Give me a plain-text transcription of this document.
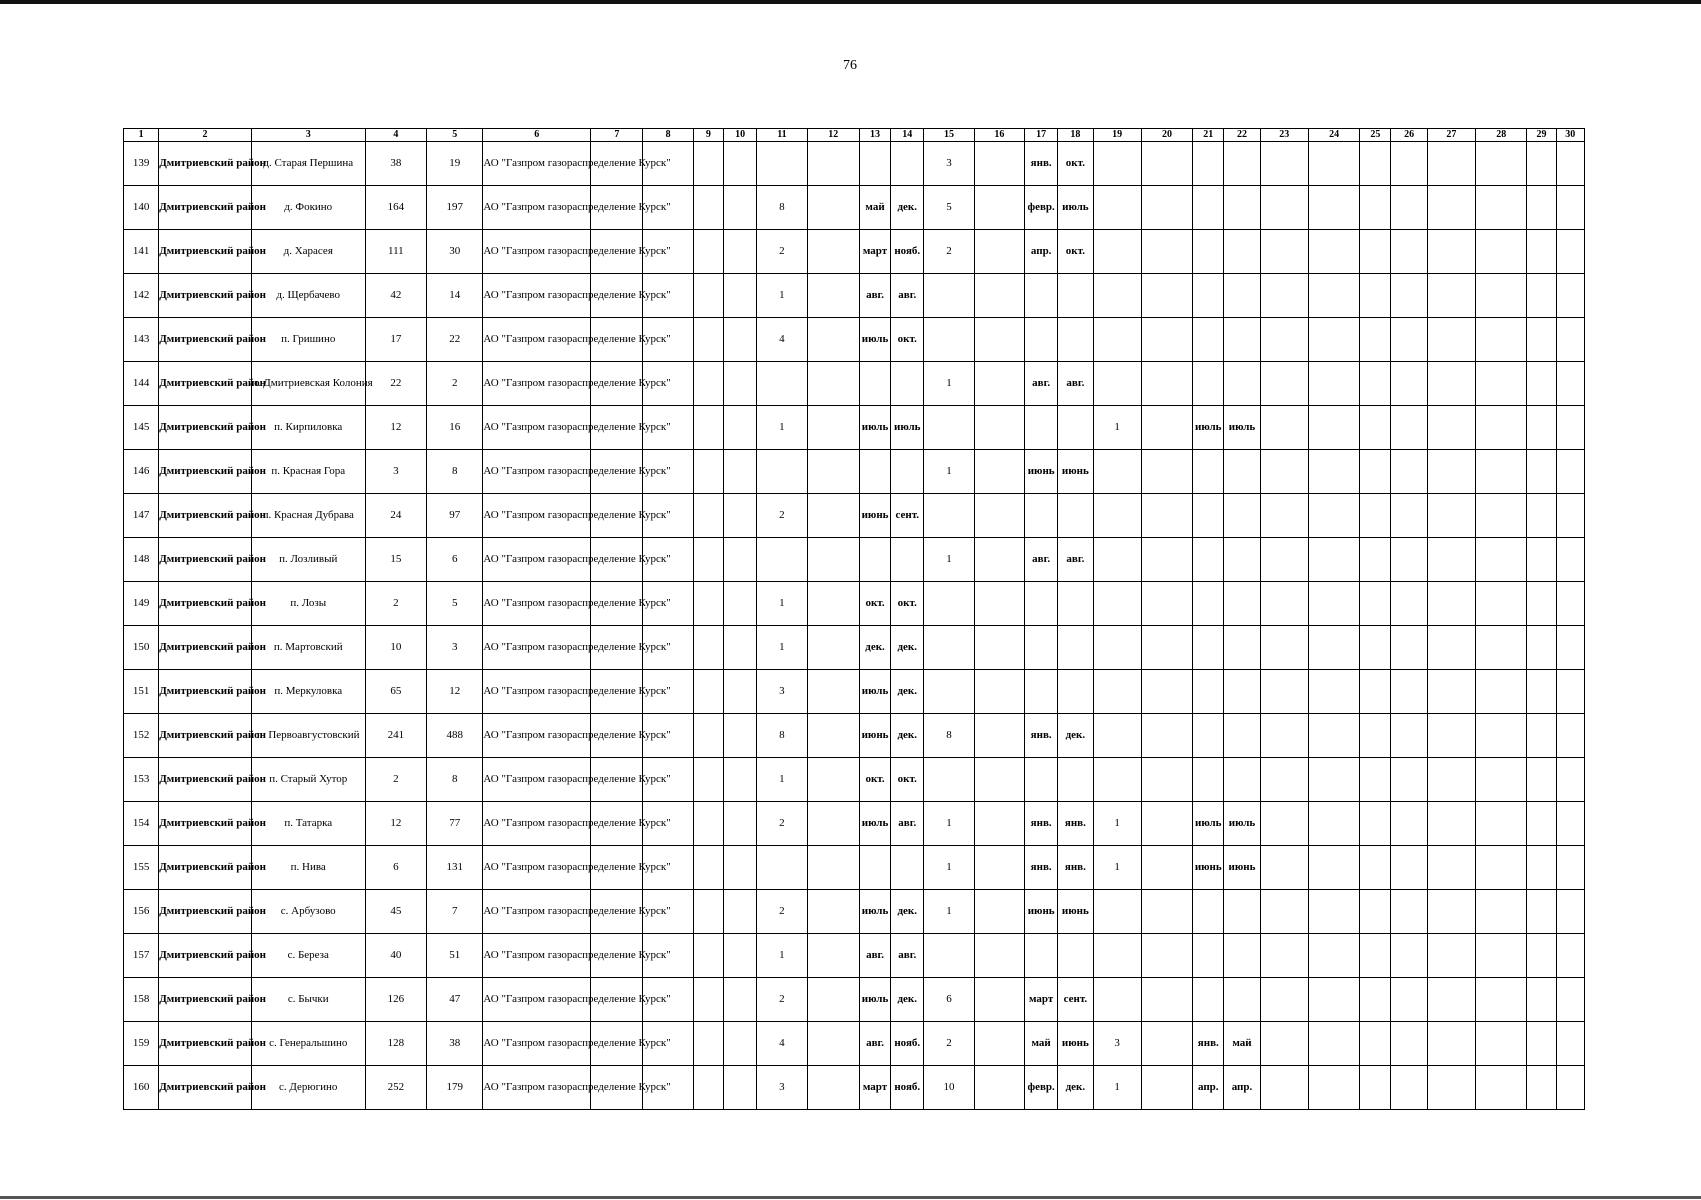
76
1	2	3	4	5	6	7	8	9	10	11	12	13	14	15	16	17	18	19	20	21	22	23	24	25	26	27	28	29	30
139	Дмитриевский район	д. Старая Першина	38	19	АО "Газпром газораспределение Курск"									3		янв.	окт.												
140	Дмитриевский район	д. Фокино	164	197	АО "Газпром газораспределение Курск"					8		май	дек.	5		февр.	июль												
141	Дмитриевский район	д. Харасея	111	30	АО "Газпром газораспределение Курск"					2		март	нояб.	2		апр.	окт.												
142	Дмитриевский район	д. Щербачево	42	14	АО "Газпром газораспределение Курск"					1		авг.	авг.																
143	Дмитриевский район	п. Гришино	17	22	АО "Газпром газораспределение Курск"					4		июль	окт.																
144	Дмитриевский район	п. Дмитриевская Колония	22	2	АО "Газпром газораспределение Курск"									1		авг.	авг.												
145	Дмитриевский район	п. Кирпиловка	12	16	АО "Газпром газораспределение Курск"					1		июль	июль					1		июль	июль								
146	Дмитриевский район	п. Красная Гора	3	8	АО "Газпром газораспределение Курск"									1		июнь	июнь												
147	Дмитриевский район	п. Красная Дубрава	24	97	АО "Газпром газораспределение Курск"					2		июнь	сент.																
148	Дмитриевский район	п. Лозливый	15	6	АО "Газпром газораспределение Курск"									1		авг.	авг.												
149	Дмитриевский район	п. Лозы	2	5	АО "Газпром газораспределение Курск"					1		окт.	окт.																
150	Дмитриевский район	п. Мартовский	10	3	АО "Газпром газораспределение Курск"					1		дек.	дек.																
151	Дмитриевский район	п. Меркуловка	65	12	АО "Газпром газораспределение Курск"					3		июль	дек.																
152	Дмитриевский район	п. Первоавгустовский	241	488	АО "Газпром газораспределение Курск"					8		июнь	дек.	8		янв.	дек.												
153	Дмитриевский район	п. Старый Хутор	2	8	АО "Газпром газораспределение Курск"					1		окт.	окт.																
154	Дмитриевский район	п. Татарка	12	77	АО "Газпром газораспределение Курск"					2		июль	авг.	1		янв.	янв.	1		июль	июль								
155	Дмитриевский район	п. Нива	6	131	АО "Газпром газораспределение Курск"									1		янв.	янв.	1		июнь	июнь								
156	Дмитриевский район	с. Арбузово	45	7	АО "Газпром газораспределение Курск"					2		июль	дек.	1		июнь	июнь												
157	Дмитриевский район	с. Береза	40	51	АО "Газпром газораспределение Курск"					1		авг.	авг.																
158	Дмитриевский район	с. Бычки	126	47	АО "Газпром газораспределение Курск"					2		июль	дек.	6		март	сент.												
159	Дмитриевский район	с. Генеральшино	128	38	АО "Газпром газораспределение Курск"					4		авг.	нояб.	2		май	июнь	3		янв.	май								
160	Дмитриевский район	с. Дерюгино	252	179	АО "Газпром газораспределение Курск"					3		март	нояб.	10		февр.	дек.	1		апр.	апр.								
